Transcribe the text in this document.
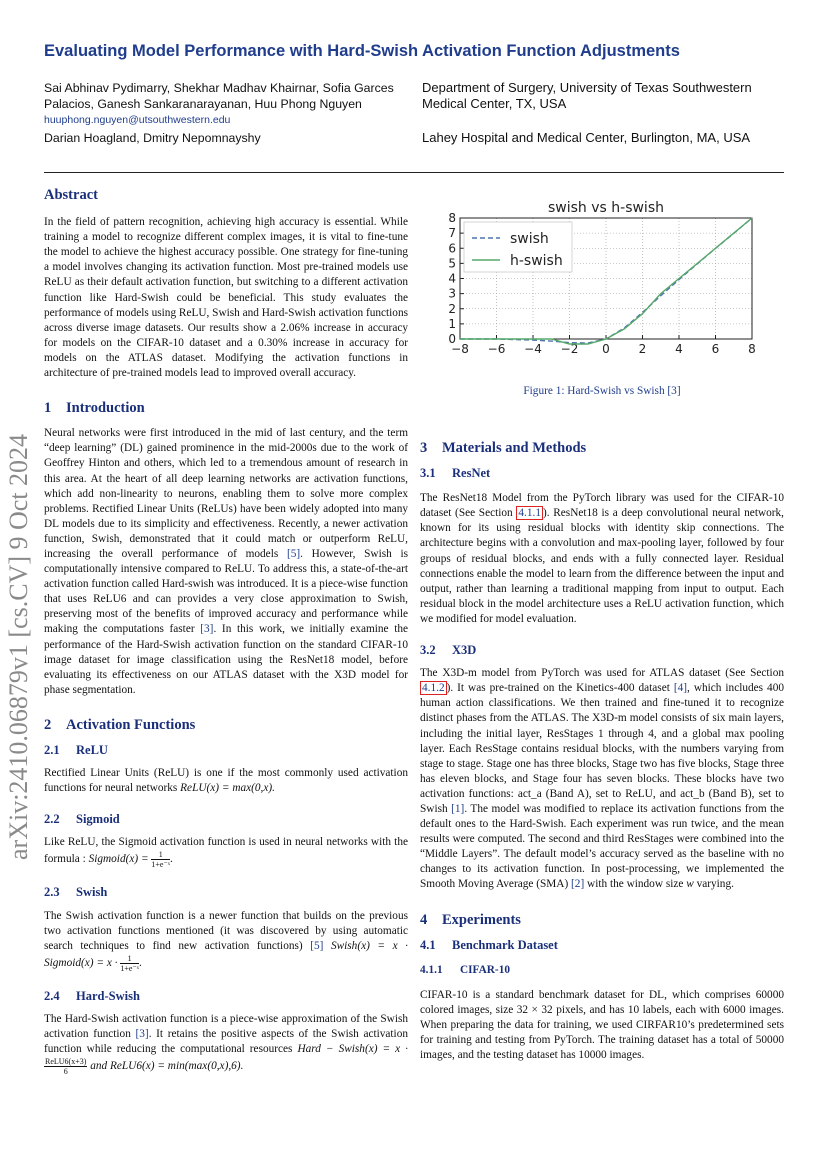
Evaluating Model Performance with Hard-Swish Activation Function Adjustments
Sai Abhinav Pydimarry, Shekhar Madhav Khairnar, Sofia Garces
Palacios, Ganesh Sankaranarayanan, Huu Phong Nguyen
huuphong.nguyen@utsouthwestern.edu
Darian Hoagland, Dmitry Nepomnayshy
Department of Surgery, University of Texas Southwestern
Medical Center, TX, USA
Lahey Hospital and Medical Center, Burlington, MA, USA
arXiv:2410.06879v1 [cs.CV] 9 Oct 2024
Abstract

In the field of pattern recognition, achieving high accuracy is essential. While training a model to recognize different complex images, it is vital to fine-tune the model to achieve the highest accuracy possible. One strategy for fine-tuning a model involves changing its activation function. Most pre-trained models use ReLU as their default activation function, but switching to a different activation function like Hard-Swish could be beneficial. This study evaluates the performance of models using ReLU, Swish and Hard-Swish activation functions across diverse image datasets. Our results show a 2.06% increase in accuracy for models on the CIFAR-10 dataset and a 0.30% increase in accuracy for models on the ATLAS dataset. Modifying the activation functions in architecture of pre-trained models lead to improved overall accuracy.

1 Introduction

Neural networks were first introduced in the mid of last century, and the term “deep learning” (DL) gained prominence in the mid-2000s due to the work of Geoffrey Hinton and others, which led to a tremendous amount of research in this area. At the heart of all deep learning networks are activation functions, which add non-linearity to neurons, enabling them to solve more complex problems. Rectified Linear Units (ReLUs) have been widely adopted into many DL models due to its simplicity and effectiveness. Recently, a newer activation function, Swish, demonstrated that it could match or outperform ReLU, increasing the overall performance of models [5]. However, Swish is computationally intensive compared to ReLU. To address this, a state-of-the-art activation function called Hard-swish was introduced. It is a piece-wise function that uses ReLU6 and can provides a very close approximation to Swish, preserving most of the benefits of improved accuracy and performance while making the computations faster [3]. In this work, we initially examine the performance of the Hard-Swish activation function on the standard CIFAR-10 image dataset for image classification using the ResNet18 model, before evaluating its effectiveness on our ATLAS dataset with the X3D model for phase segmentation.

2 Activation Functions
2.1 ReLU

Rectified Linear Units (ReLU) is one if the most commonly used activation functions for neural networks ReLU(x) = max(0,x).

2.2 Sigmoid

Like ReLU, the Sigmoid activation function is used in neural networks with the formula : Sigmoid(x) = $\frac{1}{\text{1+e⁻ˣ}}$ .

2.3 Swish

The Swish activation function is a newer function that builds on the previous two activation functions mentioned (it was discovered by using automatic search techniques to find new activation functions) [5] Swish(x) = x · Sigmoid(x) = $x \cdot \frac{1}{\text{1+e⁻ˣ}}$ .

2.4 Hard-Swish

The Hard-Swish activation function is a piece-wise approximation of the Swish activation function [3]. It retains the positive aspects of the Swish activation function while reducing the computational resources Hard − Swish(x) = x ·
$\frac{\text{ReLU6(x+3)}}{6}$ and ReLU6(x) = min(max(0,x),6).

swish vs h-swish
−8 −6 −4 −2 0 2 4 6 8
0
1
2
3
4
5
6
7
8
swish
h-swish
Figure 1: Hard-Swish vs Swish [3]
3 Materials and Methods
3.1 ResNet

The ResNet18 Model from the PyTorch library was used for the CIFAR-10 dataset (See Section 4.1.1 ). ResNet18 is a deep convolutional neural network, known for its using residual blocks with identity skip connections. The architecture begins with a convolution and max-pooling layer, followed by four groups of residual blocks, and ends with a fully connected layer. Residual connections enable the model to learn from the difference between the input and output, rather than learning a traditional mapping from input to output. Each residual block in the model architecture uses a ReLU activation function, which we modified for model evaluation.

3.2 X3D

The X3D-m model from PyTorch was used for ATLAS dataset (See Section 4.1.2 ). It was pre-trained on the Kinetics-400 dataset [4], which includes 400 human action classifications. We then trained and fine-tuned it to recognize distinct phases from the ATLAS. The X3D-m model consists of six main layers, including the initial layer, ResStages 1 through 4, and a global max pooling layer. Each ResStage contains residual blocks, with the numbers varying from stage to stage. Stage one has three blocks, Stage two has five blocks, Stage three has eleven blocks, and Stage four has seven blocks. These blocks have two activation functions: act_a (Band A), set to ReLU, and act_b (Band B), set to Swish [1]. The model was modified to replace its activation functions from the default ones to the Hard-Swish. Each experiment was run twice, and the mean results were computed. The second and third ResStages were combined into the “Middle Layers”. The default model’s accuracy served as the baseline with no changes to its activation function. In post-processing, we implemented the Smooth Moving Average (SMA) [2] with the window size w varying.

4 Experiments
4.1 Benchmark Dataset
4.1.1 CIFAR-10

CIFAR-10 is a standard benchmark dataset for DL, which comprises 60000 colored images, size 32 × 32 pixels, and has 10 labels, each with 6000 images. When preparing the data for training, we used CIRFAR10’s predetermined sets for training and testing from PyTorch. The training dataset has a total of 50000 images, and the testing dataset has 10000 images.
